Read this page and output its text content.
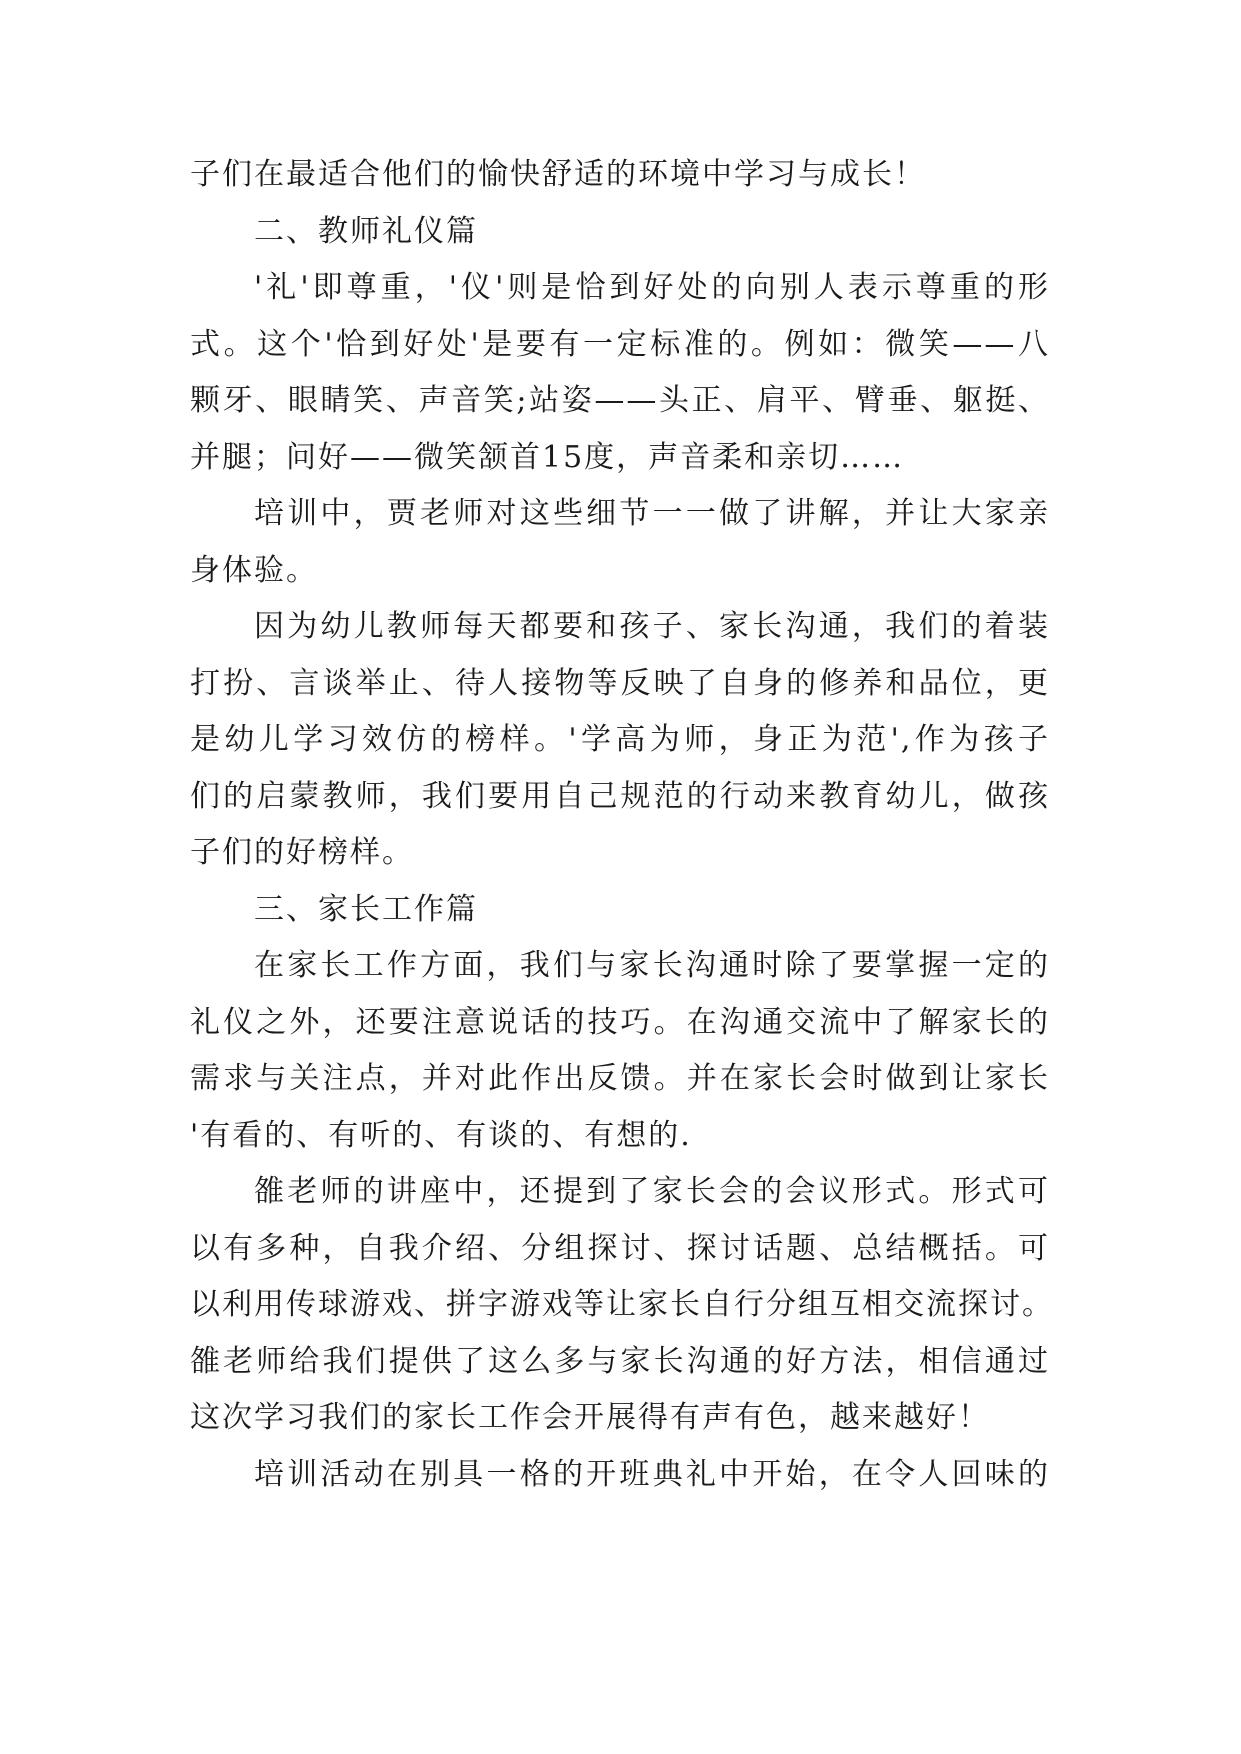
子们在最适合他们的愉快舒适的环境中学习与成长！
二、教师礼仪篇
'礼'即尊重，'仪'则是恰到好处的向别人表示尊重的形
式。这个'恰到好处'是要有一定标准的。例如：微笑——八
颗牙、眼睛笑、声音笑;站姿——头正、肩平、臂垂、躯挺、
并腿；问好——微笑颔首15度，声音柔和亲切……
培训中，贾老师对这些细节一一做了讲解，并让大家亲
身体验。
因为幼儿教师每天都要和孩子、家长沟通，我们的着装
打扮、言谈举止、待人接物等反映了自身的修养和品位，更
是幼儿学习效仿的榜样。'学高为师，身正为范',作为孩子
们的启蒙教师，我们要用自己规范的行动来教育幼儿，做孩
子们的好榜样。
三、家长工作篇
在家长工作方面，我们与家长沟通时除了要掌握一定的
礼仪之外，还要注意说话的技巧。在沟通交流中了解家长的
需求与关注点，并对此作出反馈。并在家长会时做到让家长
'有看的、有听的、有谈的、有想的.
雒老师的讲座中，还提到了家长会的会议形式。形式可
以有多种，自我介绍、分组探讨、探讨话题、总结概括。可
以利用传球游戏、拼字游戏等让家长自行分组互相交流探讨。
雒老师给我们提供了这么多与家长沟通的好方法，相信通过
这次学习我们的家长工作会开展得有声有色，越来越好！
培训活动在别具一格的开班典礼中开始，在令人回味的
